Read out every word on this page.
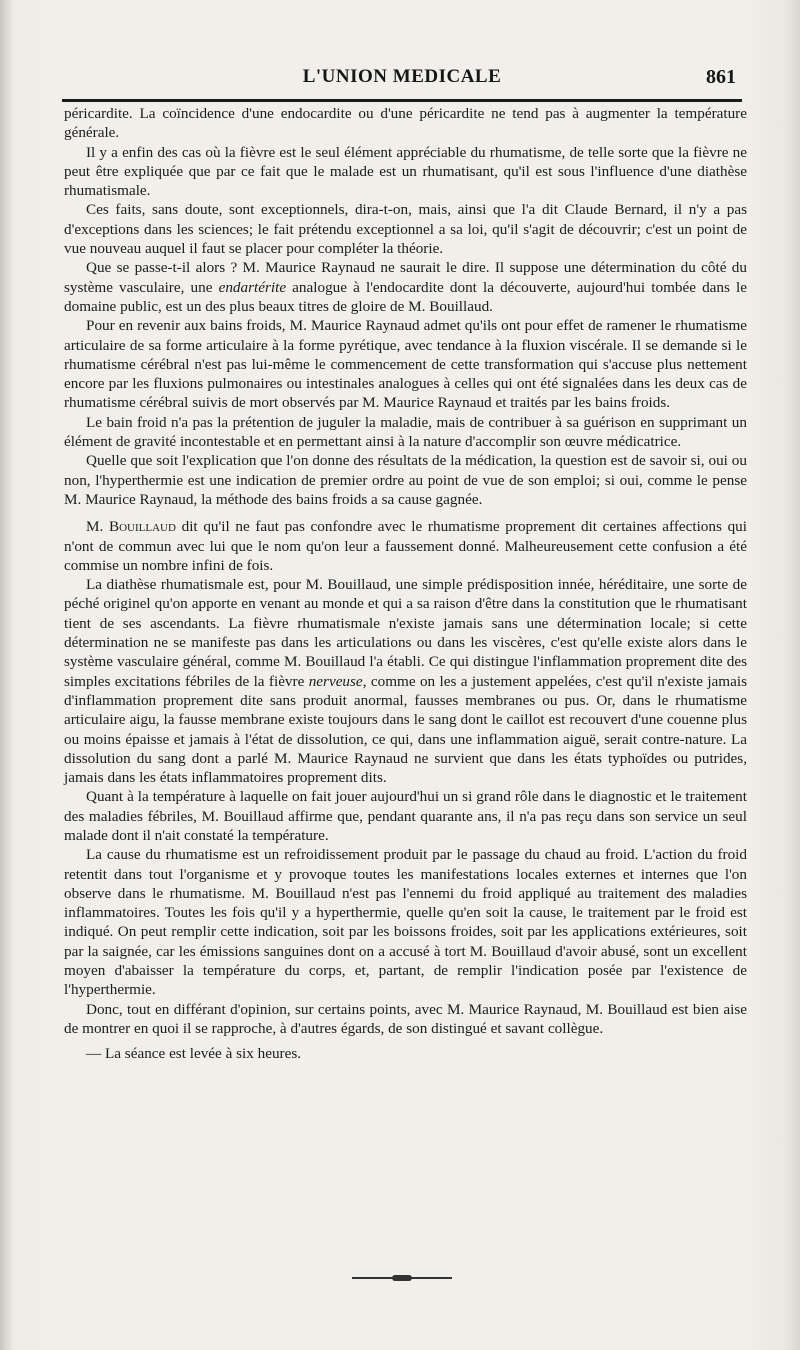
L'UNION MEDICALE	861

péricardite. La coïncidence d'une endocardite ou d'une péricardite ne tend pas à augmenter la température générale.

Il y a enfin des cas où la fièvre est le seul élément appréciable du rhumatisme, de telle sorte que la fièvre ne peut être expliquée que par ce fait que le malade est un rhumatisant, qu'il est sous l'influence d'une diathèse rhumatismale.

Ces faits, sans doute, sont exceptionnels, dira-t-on, mais, ainsi que l'a dit Claude Bernard, il n'y a pas d'exceptions dans les sciences; le fait prétendu exceptionnel a sa loi, qu'il s'agit de découvrir; c'est un point de vue nouveau auquel il faut se placer pour compléter la théorie.

Que se passe-t-il alors ? M. Maurice Raynaud ne saurait le dire. Il suppose une détermination du côté du système vasculaire, une endartérite analogue à l'endocardite dont la découverte, aujourd'hui tombée dans le domaine public, est un des plus beaux titres de gloire de M. Bouillaud.

Pour en revenir aux bains froids, M. Maurice Raynaud admet qu'ils ont pour effet de ramener le rhumatisme articulaire de sa forme articulaire à la forme pyrétique, avec tendance à la fluxion viscérale. Il se demande si le rhumatisme cérébral n'est pas lui-même le commencement de cette transformation qui s'accuse plus nettement encore par les fluxions pulmonaires ou intestinales analogues à celles qui ont été signalées dans les deux cas de rhumatisme cérébral suivis de mort observés par M. Maurice Raynaud et traités par les bains froids.

Le bain froid n'a pas la prétention de juguler la maladie, mais de contribuer à sa guérison en supprimant un élément de gravité incontestable et en permettant ainsi à la nature d'accomplir son œuvre médicatrice.

Quelle que soit l'explication que l'on donne des résultats de la médication, la question est de savoir si, oui ou non, l'hyperthermie est une indication de premier ordre au point de vue de son emploi; si oui, comme le pense M. Maurice Raynaud, la méthode des bains froids a sa cause gagnée.

M. Bouillaud dit qu'il ne faut pas confondre avec le rhumatisme proprement dit certaines affections qui n'ont de commun avec lui que le nom qu'on leur a faussement donné. Malheureusement cette confusion a été commise un nombre infini de fois.

La diathèse rhumatismale est, pour M. Bouillaud, une simple prédisposition innée, héréditaire, une sorte de péché originel qu'on apporte en venant au monde et qui a sa raison d'être dans la constitution que le rhumatisant tient de ses ascendants. La fièvre rhumatismale n'existe jamais sans une détermination locale; si cette détermination ne se manifeste pas dans les articulations ou dans les viscères, c'est qu'elle existe alors dans le système vasculaire général, comme M. Bouillaud l'a établi. Ce qui distingue l'inflammation proprement dite des simples excitations fébriles de la fièvre nerveuse, comme on les a justement appelées, c'est qu'il n'existe jamais d'inflammation proprement dite sans produit anormal, fausses membranes ou pus. Or, dans le rhumatisme articulaire aigu, la fausse membrane existe toujours dans le sang dont le caillot est recouvert d'une couenne plus ou moins épaisse et jamais à l'état de dissolution, ce qui, dans une inflammation aiguë, serait contre-nature. La dissolution du sang dont a parlé M. Maurice Raynaud ne survient que dans les états typhoïdes ou putrides, jamais dans les états inflammatoires proprement dits.

Quant à la température à laquelle on fait jouer aujourd'hui un si grand rôle dans le diagnostic et le traitement des maladies fébriles, M. Bouillaud affirme que, pendant quarante ans, il n'a pas reçu dans son service un seul malade dont il n'ait constaté la température.

La cause du rhumatisme est un refroidissement produit par le passage du chaud au froid. L'action du froid retentit dans tout l'organisme et y provoque toutes les manifestations locales externes et internes que l'on observe dans le rhumatisme. M. Bouillaud n'est pas l'ennemi du froid appliqué au traitement des maladies inflammatoires. Toutes les fois qu'il y a hyperthermie, quelle qu'en soit la cause, le traitement par le froid est indiqué. On peut remplir cette indication, soit par les boissons froides, soit par les applications extérieures, soit par la saignée, car les émissions sanguines dont on a accusé à tort M. Bouillaud d'avoir abusé, sont un excellent moyen d'abaisser la température du corps, et, partant, de remplir l'indication posée par l'existence de l'hyperthermie.

Donc, tout en différant d'opinion, sur certains points, avec M. Maurice Raynaud, M. Bouillaud est bien aise de montrer en quoi il se rapproche, à d'autres égards, de son distingué et savant collègue.

— La séance est levée à six heures.
